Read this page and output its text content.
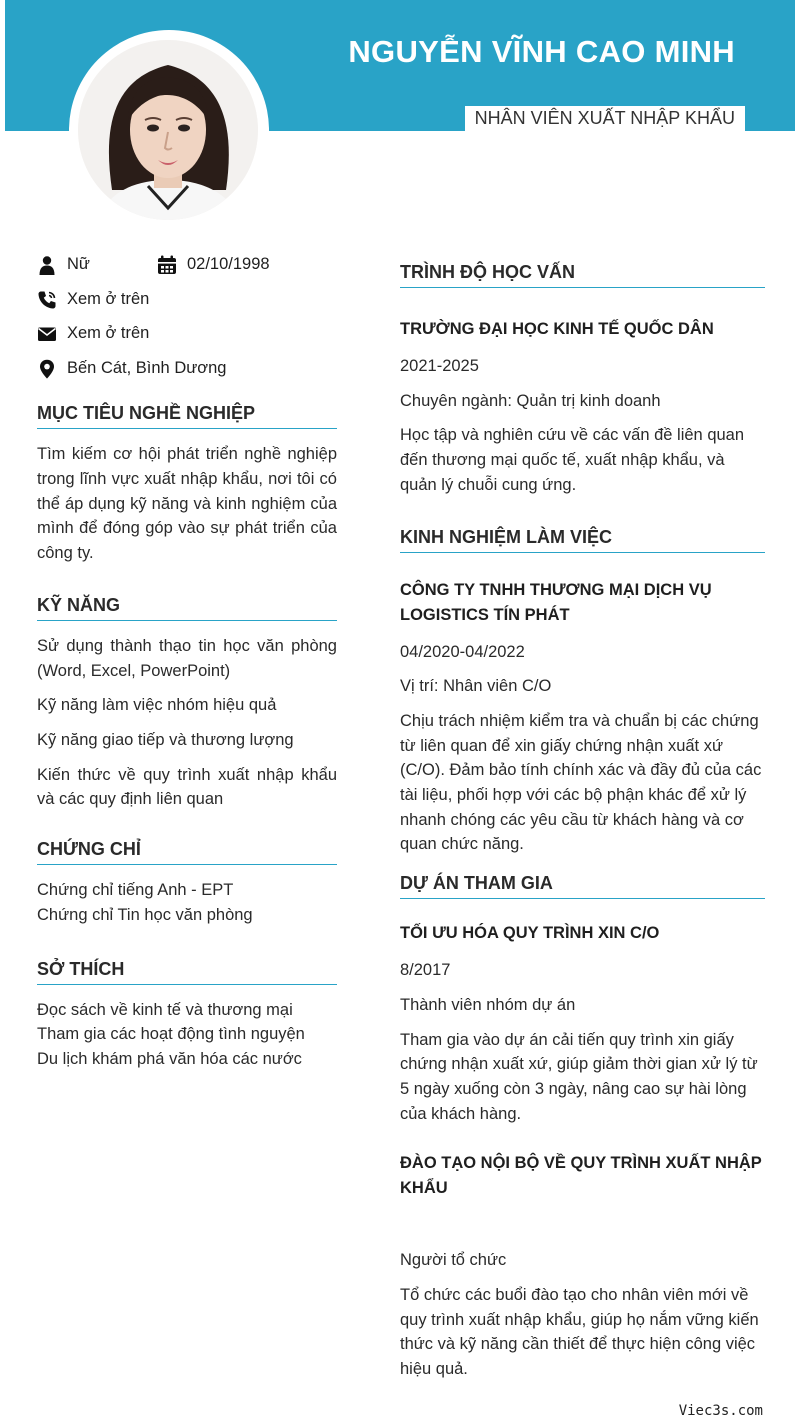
NGUYỄN VĨNH CAO MINH
NHÂN VIÊN XUẤT NHẬP KHẨU
Nữ	02/10/1998
Xem ở trên
Xem ở trên
Bến Cát, Bình Dương
MỤC TIÊU NGHỀ NGHIỆP
Tìm kiếm cơ hội phát triển nghề nghiệp trong lĩnh vực xuất nhập khẩu, nơi tôi có thể áp dụng kỹ năng và kinh nghiệm của mình để đóng góp vào sự phát triển của công ty.
KỸ NĂNG
Sử dụng thành thạo tin học văn phòng (Word, Excel, PowerPoint)
Kỹ năng làm việc nhóm hiệu quả
Kỹ năng giao tiếp và thương lượng
Kiến thức về quy trình xuất nhập khẩu và các quy định liên quan
CHỨNG CHỈ
Chứng chỉ tiếng Anh - EPT
Chứng chỉ Tin học văn phòng
SỞ THÍCH
Đọc sách về kinh tế và thương mại
Tham gia các hoạt động tình nguyện
Du lịch khám phá văn hóa các nước
TRÌNH ĐỘ HỌC VẤN
TRƯỜNG ĐẠI HỌC KINH TẾ QUỐC DÂN
2021-2025
Chuyên ngành: Quản trị kinh doanh
Học tập và nghiên cứu về các vấn đề liên quan đến thương mại quốc tế, xuất nhập khẩu, và quản lý chuỗi cung ứng.
KINH NGHIỆM LÀM VIỆC
CÔNG TY TNHH THƯƠNG MẠI DỊCH VỤ LOGISTICS TÍN PHÁT
04/2020-04/2022
Vị trí: Nhân viên C/O
Chịu trách nhiệm kiểm tra và chuẩn bị các chứng từ liên quan để xin giấy chứng nhận xuất xứ (C/O). Đảm bảo tính chính xác và đầy đủ của các tài liệu, phối hợp với các bộ phận khác để xử lý nhanh chóng các yêu cầu từ khách hàng và cơ quan chức năng.
DỰ ÁN THAM GIA
TỐI ƯU HÓA QUY TRÌNH XIN C/O
8/2017
Thành viên nhóm dự án
Tham gia vào dự án cải tiến quy trình xin giấy chứng nhận xuất xứ, giúp giảm thời gian xử lý từ 5 ngày xuống còn 3 ngày, nâng cao sự hài lòng của khách hàng.
ĐÀO TẠO NỘI BỘ VỀ QUY TRÌNH XUẤT NHẬP KHẨU
Người tổ chức
Tổ chức các buổi đào tạo cho nhân viên mới về quy trình xuất nhập khẩu, giúp họ nắm vững kiến thức và kỹ năng cần thiết để thực hiện công việc hiệu quả.
Viec3s.com
